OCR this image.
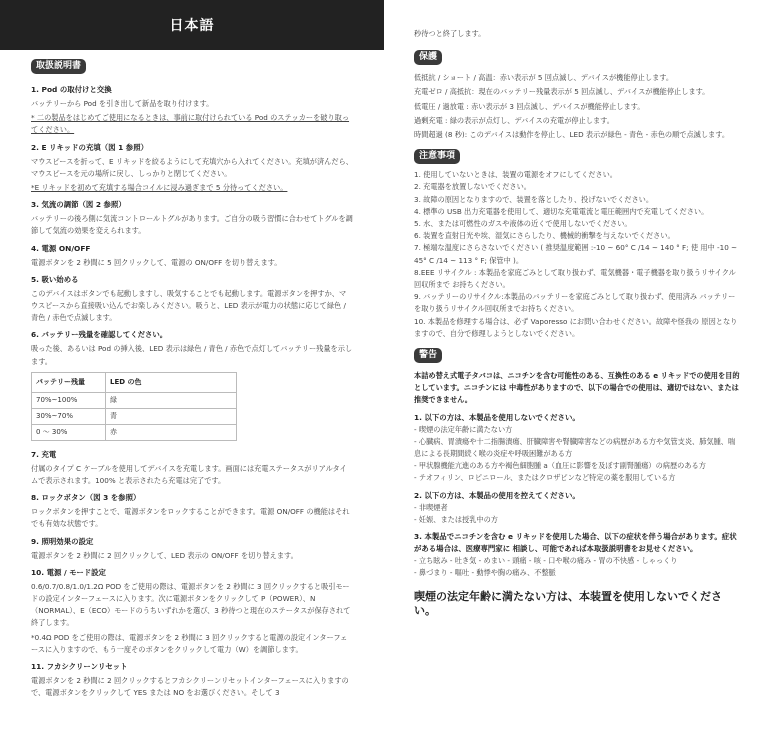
日本語
取扱説明書
1. Pod の取付けと交換

バッテリーから Pod を引き出して新品を取り付けます。

* 二の製品をはじめてご使用になるときは、事前に取付けられている Pod のステッカーを破り取ってください。

2. E リキッドの充填（図 1 参照）

マウスピースを折って、E リキッドを絞るようにして充填穴から入れてください。充填が済んだら、マウスピースを元の場所に戻し、しっかりと閉じてください。

*E リキッドを初めて充填する場合コイルに浸み過ぎまで 5 分待ってください。

3. 気流の調節（図 2 参照）

バッテリーの後ろ側に気流コントロールトグルがあります。ご自分の吸う習慣に合わせてトグルを調節して気流の効果を変えられます。

4. 電源 ON/OFF

電源ボタンを 2 秒間に 5 回クリックして、電源の ON/OFF を切り替えます。

5. 吸い始める

このデバイスはボタンでも起動しますし、吸気することでも起動します。電源ボタンを押すか、マウスピースから直接吸い込んでお楽しみください。吸うと、LED 表示が電力の状態に応じて緑色 / 青色 / 赤色で点滅します。

6. バッテリー残量を確認してください。

吸った後、あるいは Pod の挿入後、LED 表示は緑色 / 青色 / 赤色で点灯してバッテリー残量を示します。

バッテリー残量	LED の色
70%~100%	緑
30%~70%	青
0 〜 30%	赤
7. 充電

付属のタイプ C ケーブルを使用してデバイスを充電します。画面には充電ステータスがリアルタイムで表示されます。100% と表示されたら充電は完了です。

8. ロックボタン（図 3 を参照）

ロックボタンを押すことで、電源ボタンをロックすることができます。電源 ON/OFF の機能はそれでも有効な状態です。

9. 照明効果の設定

電源ボタンを 2 秒間に 2 回クリックして、LED 表示の ON/OFF を切り替えます。

10. 電源 / モード設定

0.6/0.7/0.8/1.0/1.2Ω POD をご使用の際は、電源ボタンを 2 秒間に 3 回クリックすると吸引モードの設定インターフェースに入ります。次に電源ボタンをクリックして P（POWER）、N（NORMAL）、E（ECO）モードのうちいずれかを選び、3 秒待つと現在のステータスが保存されて終了します。

*0.4Ω POD をご使用の際は、電源ボタンを 2 秒間に 3 回クリックすると電源の設定インターフェースに入りますので、もう一度そのボタンをクリックして電力（W）を調節します。

11. フカシクリーンリセット

電源ボタンを 2 秒間に 2 回クリックするとフカシクリーンリセットインターフェースに入りますので、電源ボタンをクリックして YES または NO をお選びください。そして 3

秒待つと終了します。

保護

低抵抗 / ショート / 高温：赤い表示が 5 回点滅し、デバイスが機能停止します。

充電ゼロ / 高抵抗：現在のバッテリー残量表示が 5 回点滅し、デバイスが機能停止します。

低電圧 / 過放電 : 赤い表示が 3 回点滅し、デバイスが機能停止します。

過剰充電 : 緑の表示が点灯し、デバイスの充電が停止します。

時間超過 (8 秒): このデバイスは動作を停止し、LED 表示が緑色 - 青色 - 赤色の順で点滅します。

注意事項

1. 使用していないときは、装置の電源をオフにしてください。

2. 充電器を放置しないでください。

3. 故障の原因となりますので、装置を落としたり、投げないでください。

4. 標準の USB 出力充電器を使用して、適切な充電電流と電圧範囲内で充電してください。

5. 水、または可燃性のガスや液体の近くで使用しないでください。

6. 装置を直射日光や埃、湿気にさらしたり、機械的衝撃を与えないでください。

7. 極端な温度にさらさないでください ( 推奨温度範囲 :-10 ~ 60° C /14 ~ 140 ° F; 使 用中 -10 ~ 45° C /14 ~ 113 ° F; 保管中 )。

8.EEE リサイクル : 本製品を家庭ごみとして取り扱わず、電気機器・電子機器を取り扱うリサイクル回収所まで お持ちください。

9. バッテリーのリサイクル:本製品のバッテリーを家庭ごみとして取り扱わず、使用済み バッテリーを取り扱うリサイクル回収所までお持ちください。

10. 本製品を修理する場合は、必ず Vaporesso にお問い合わせください。故障や怪我の 原因となりますので、自分で修理しようとしないでください。

警告

本詰め替え式電子タバコは、ニコチンを含む可能性のある、互換性のある e リキッドでの使用を目的としています。ニコチンには 中毒性がありますので、以下の場合での使用は、適切ではない、または推奨できません。

1. 以下の方は、本製品を使用しないでください。

- 喫煙の法定年齢に満たない方

- 心臓病、胃潰瘍や十二指腸潰瘍、肝臓障害や腎臓障害などの病歴がある方や気管支炎、肺気腫、喘息による長期間続く喉の炎症や呼吸困難がある方

- 甲状腺機能亢進のある方や褐色細胞腫 a（血圧に影響を及ぼす副腎腫瘍）の病歴のある方

- テオフィリン、ロピニロール、またはクロザピンなど特定の薬を服用している方

2. 以下の方は、本製品の使用を控えてください。

- 非喫煙者

- 妊娠、または授乳中の方

3. 本製品でニコチンを含む e リキッドを使用した場合、以下の症状を伴う場合があります。症状がある場合は、医療専門家に 相談し、可能であれば本取扱説明書をお見せください。

- 立ち眩み - 吐き気 - めまい - 頭痛 - 咳 - 口や喉の痛み - 胃の不快感 - しゃっくり

- 鼻づまり - 嘔吐 - 動悸や胸の痛み、不整脈

喫煙の法定年齢に満たない方は、本装置を使用しないでください。
